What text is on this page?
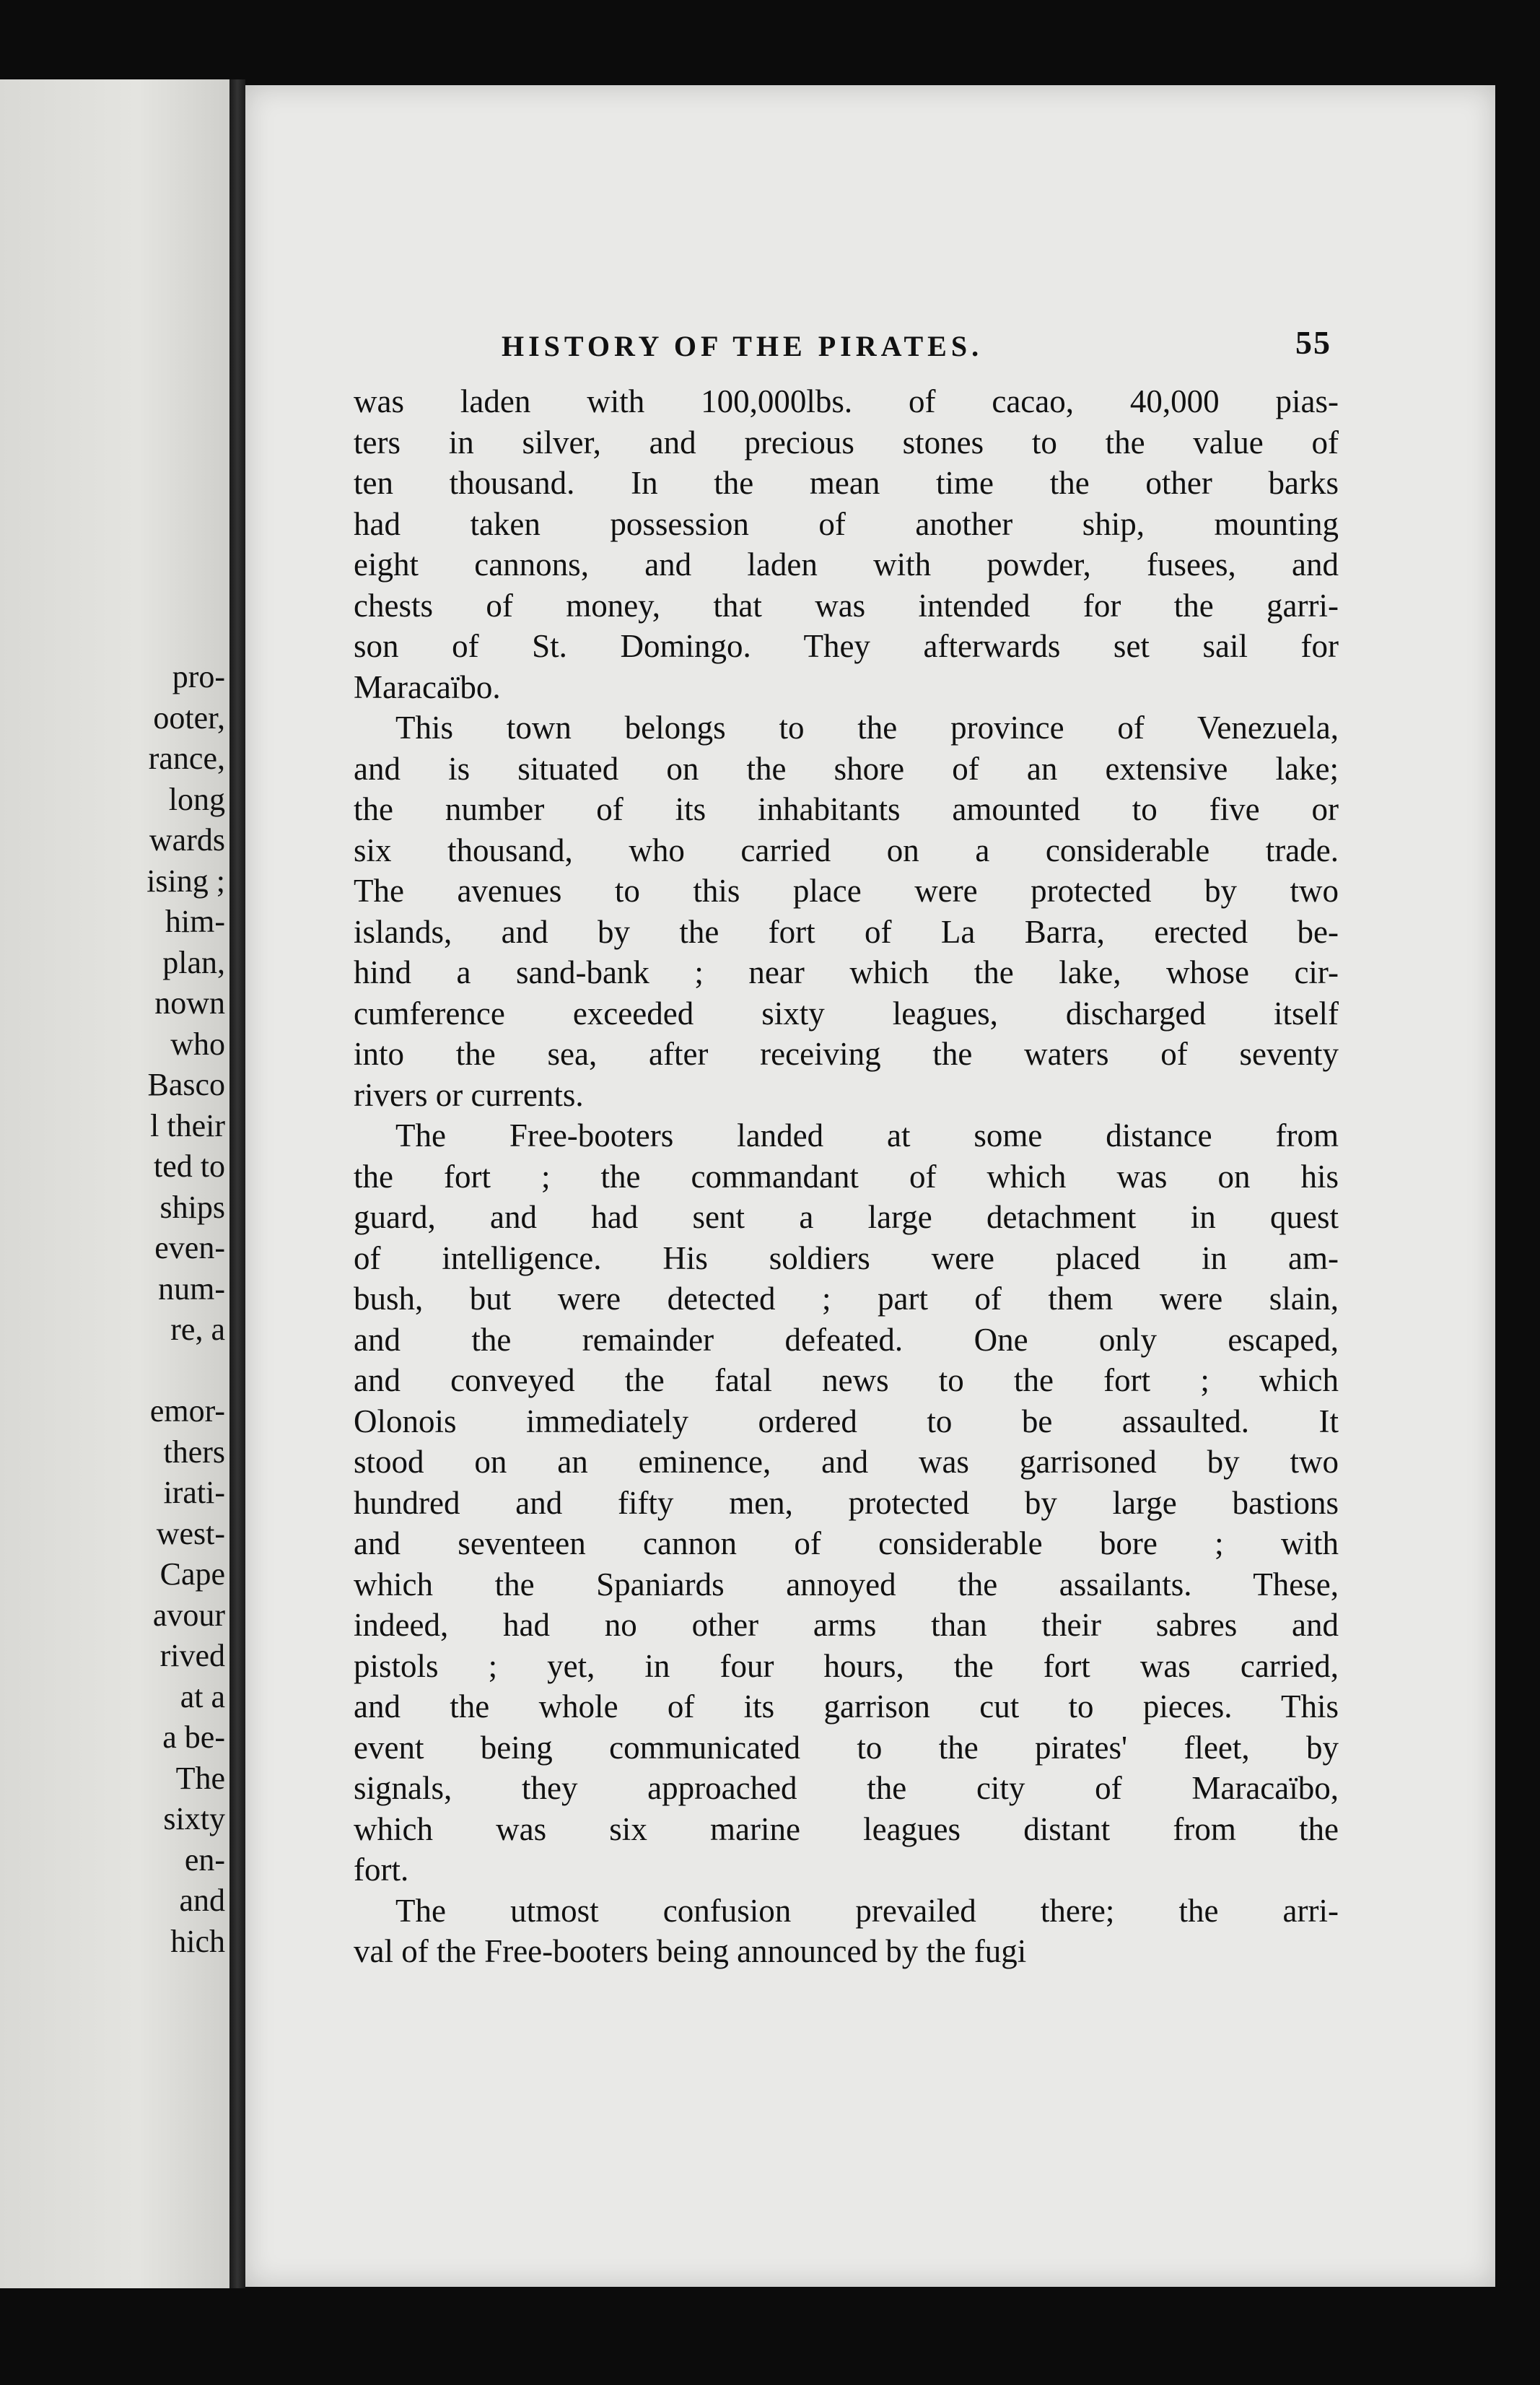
pro-
ooter,
rance,
long
wards
ising ;
him-
plan,
nown
who
Basco
l their
ted to
ships
even-
num-
re, a

emor-
thers
irati-
west-
Cape
avour
rived
at a
a be-
The
sixty
en-
and
hich
HISTORY OF THE PIRATES.	55
was laden with 100,000lbs. of cacao, 40,000 pias-
ters in silver, and precious stones to the value of
ten thousand. In the mean time the other barks
had taken possession of another ship, mounting
eight cannons, and laden with powder, fusees, and
chests of money, that was intended for the garri-
son of St. Domingo. They afterwards set sail for
Maracaïbo.
This town belongs to the province of Venezuela,
and is situated on the shore of an extensive lake;
the number of its inhabitants amounted to five or
six thousand, who carried on a considerable trade.
The avenues to this place were protected by two
islands, and by the fort of La Barra, erected be-
hind a sand-bank ; near which the lake, whose cir-
cumference exceeded sixty leagues, discharged itself
into the sea, after receiving the waters of seventy
rivers or currents.
The Free-booters landed at some distance from
the fort ; the commandant of which was on his
guard, and had sent a large detachment in quest
of intelligence. His soldiers were placed in am-
bush, but were detected ; part of them were slain,
and the remainder defeated. One only escaped,
and conveyed the fatal news to the fort ; which
Olonois immediately ordered to be assaulted. It
stood on an eminence, and was garrisoned by two
hundred and fifty men, protected by large bastions
and seventeen cannon of considerable bore ; with
which the Spaniards annoyed the assailants. These,
indeed, had no other arms than their sabres and
pistols ; yet, in four hours, the fort was carried,
and the whole of its garrison cut to pieces. This
event being communicated to the pirates' fleet, by
signals, they approached the city of Maracaïbo,
which was six marine leagues distant from the
fort.
The utmost confusion prevailed there; the arri-
val of the Free-booters being announced by the fugi
